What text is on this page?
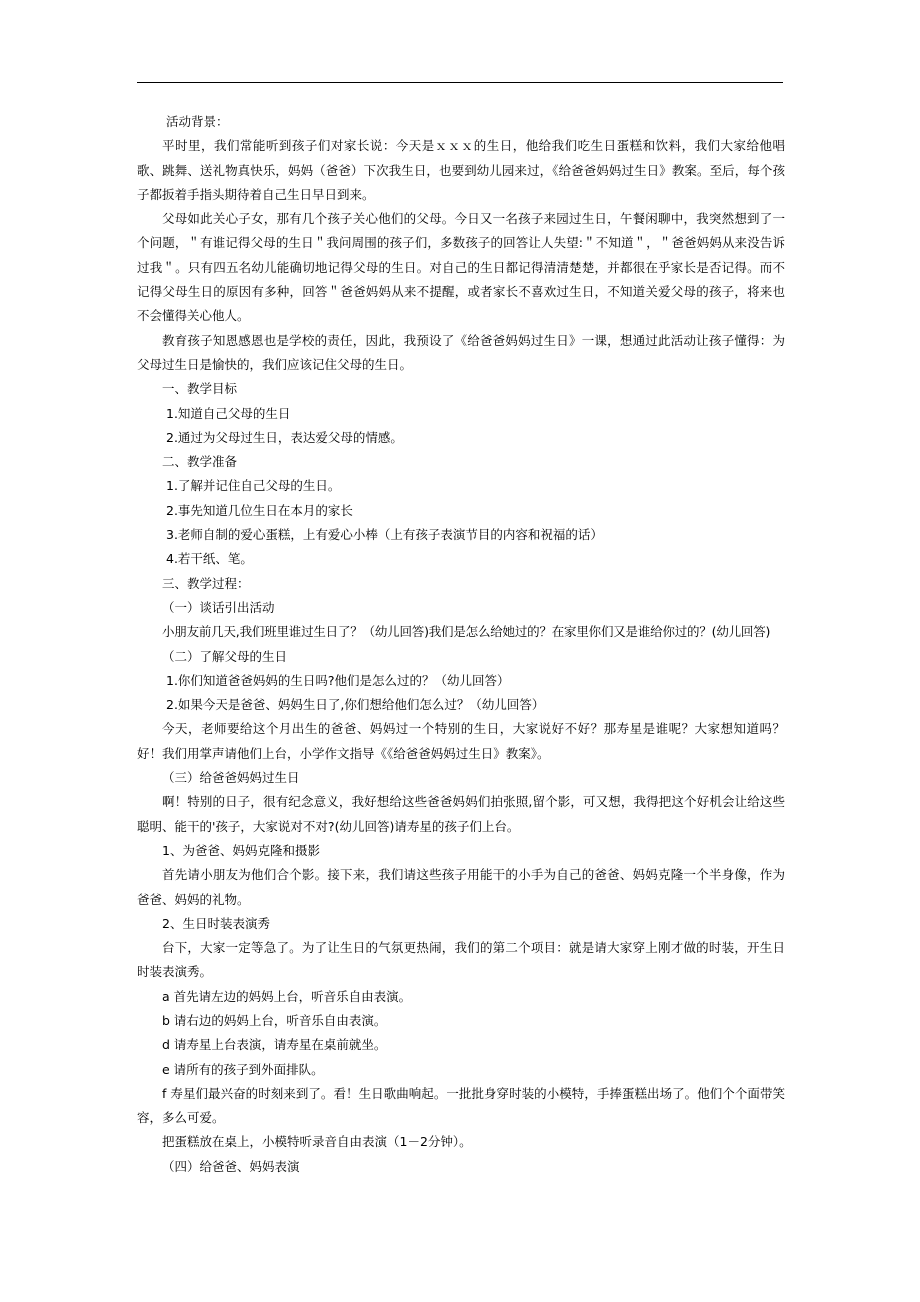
活动背景：

平时里，我们常能听到孩子们对家长说：今天是ｘｘｘ的生日，他给我们吃生日蛋糕和饮料，我们大家给他唱歌、跳舞、送礼物真快乐，妈妈（爸爸）下次我生日，也要到幼儿园来过，《给爸爸妈妈过生日》教案。至后，每个孩子都扳着手指头期待着自己生日早日到来。

父母如此关心子女，那有几个孩子关心他们的父母。今日又一名孩子来园过生日，午餐闲聊中，我突然想到了一个问题，＂有谁记得父母的生日＂我问周围的孩子们，多数孩子的回答让人失望:＂不知道＂，＂爸爸妈妈从来没告诉过我＂。只有四五名幼儿能确切地记得父母的生日。对自己的生日都记得清清楚楚，并都很在乎家长是否记得。而不记得父母生日的原因有多种，回答＂爸爸妈妈从来不提醒，或者家长不喜欢过生日，不知道关爱父母的孩子，将来也不会懂得关心他人。

教育孩子知恩感恩也是学校的责任，因此，我预设了《给爸爸妈妈过生日》一课，想通过此活动让孩子懂得：为父母过生日是愉快的，我们应该记住父母的生日。

一、教学目标

1.知道自己父母的生日

2.通过为父母过生日，表达爱父母的情感。

二、教学准备

1.了解并记住自己父母的生日。

2.事先知道几位生日在本月的家长

3.老师自制的爱心蛋糕，上有爱心小棒（上有孩子表演节目的内容和祝福的话）

4.若干纸、笔。

三、教学过程：

（一）谈话引出活动

小朋友前几天,我们班里谁过生日了？（幼儿回答)我们是怎么给她过的？在家里你们又是谁给你过的？(幼儿回答)

（二）了解父母的生日

1.你们知道爸爸妈妈的生日吗?他们是怎么过的？（幼儿回答）

2.如果今天是爸爸、妈妈生日了,你们想给他们怎么过？（幼儿回答）

今天，老师要给这个月出生的爸爸、妈妈过一个特别的生日，大家说好不好？那寿星是谁呢？大家想知道吗？好！我们用掌声请他们上台，小学作文指导《《给爸爸妈妈过生日》教案》。

（三）给爸爸妈妈过生日

啊！特别的日子，很有纪念意义，我好想给这些爸爸妈妈们拍张照,留个影，可又想，我得把这个好机会让给这些聪明、能干的'孩子，大家说对不对?(幼儿回答)请寿星的孩子们上台。

1、为爸爸、妈妈克隆和摄影

首先请小朋友为他们合个影。接下来，我们请这些孩子用能干的小手为自己的爸爸、妈妈克隆一个半身像，作为爸爸、妈妈的礼物。

2、生日时装表演秀

台下，大家一定等急了。为了让生日的气氛更热闹，我们的第二个项目：就是请大家穿上刚才做的时装，开生日时装表演秀。

a 首先请左边的妈妈上台，听音乐自由表演。

b 请右边的妈妈上台，听音乐自由表演。

d 请寿星上台表演，请寿星在桌前就坐。

e 请所有的孩子到外面排队。

f 寿星们最兴奋的时刻来到了。看！生日歌曲响起。一批批身穿时装的小模特，手捧蛋糕出场了。他们个个面带笑容，多么可爱。

把蛋糕放在桌上，小模特听录音自由表演（1－2分钟）。

（四）给爸爸、妈妈表演
